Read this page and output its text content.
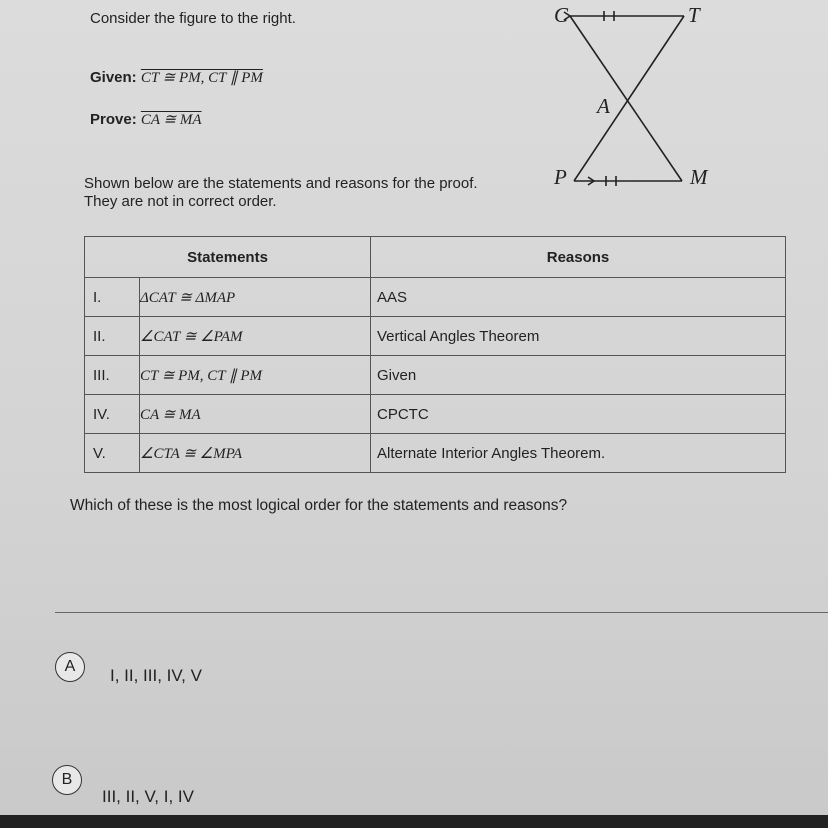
Consider the figure to the right.
Given: CT ≅ PM, CT ∥ PM
Prove: CA ≅ MA
Shown below are the statements and reasons for the proof.
They are not in correct order.
C	T
A
P	M
Statements		Reasons
I.	ΔCAT ≅ ΔMAP	AAS
II.	∠CAT ≅ ∠PAM	Vertical Angles Theorem
III.	CT ≅ PM, CT ∥ PM	Given
IV.	CA ≅ MA	CPCTC
V.	∠CTA ≅ ∠MPA	Alternate Interior Angles Theorem.
Which of these is the most logical order for the statements and reasons?
A	I, II, III, IV, V
B
III, II, V, I, IV
